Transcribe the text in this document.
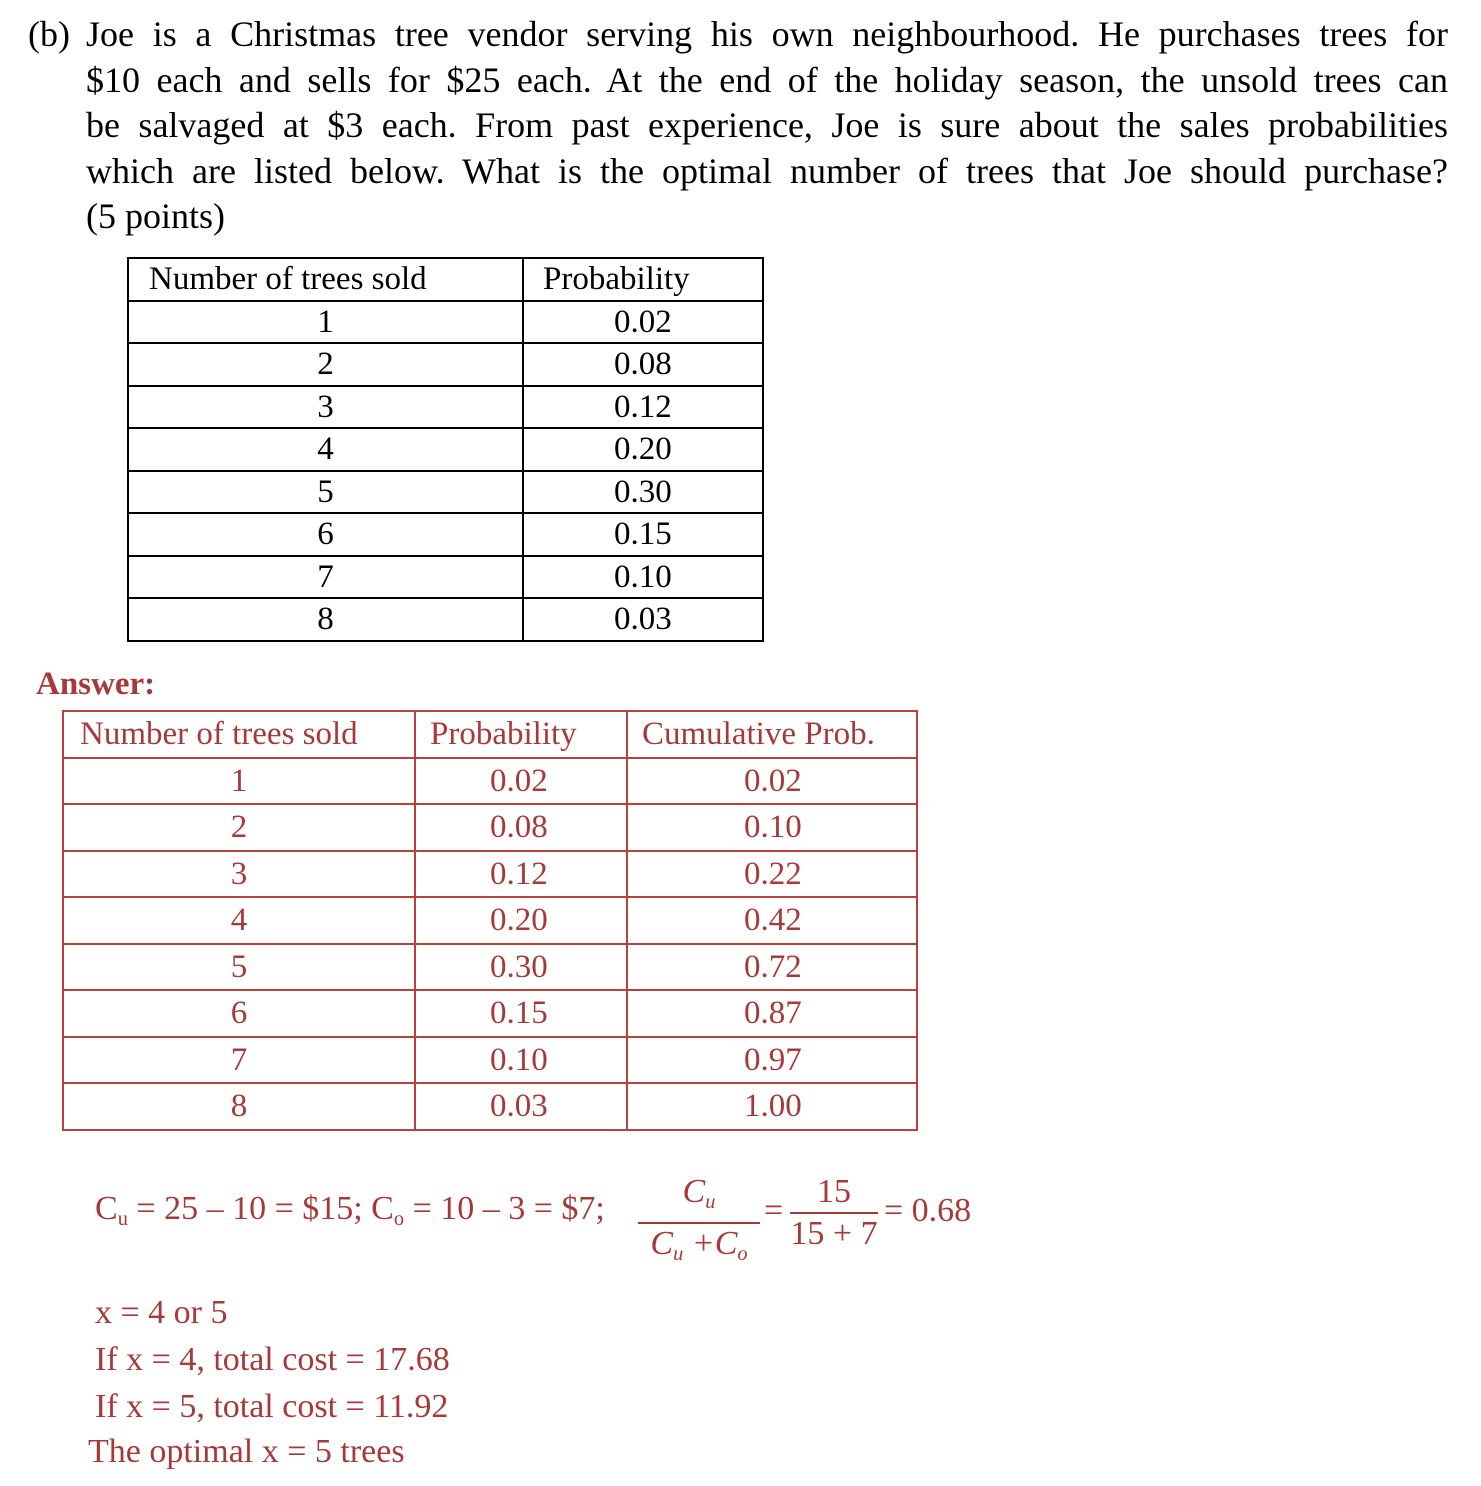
(b) Joe is a Christmas tree vendor serving his own neighbourhood. He purchases trees for
$10 each and sells for $25 each. At the end of the holiday season, the unsold trees can
be salvaged at $3 each. From past experience, Joe is sure about the sales probabilities
which are listed below. What is the optimal number of trees that Joe should purchase?
(5 points)
Number of trees sold	Probability
1	0.02
2	0.08
3	0.12
4	0.20
5	0.30
6	0.15
7	0.10
8	0.03
Answer:
Number of trees sold	Probability	Cumulative Prob.
1	0.02	0.02
2	0.08	0.10
3	0.12	0.22
4	0.20	0.42
5	0.30	0.72
6	0.15	0.87
7	0.10	0.97
8	0.03	1.00
$C_u = 25 - 10$ = $15; $C_o = 10 - 3$ = $7;	$C_u$
$C_u +C_o$
=
15
15 + 7
= 0.68
x = 4 or 5
If x = 4, total cost = 17.68
If x = 5, total cost = 11.92
The optimal x = 5 trees
